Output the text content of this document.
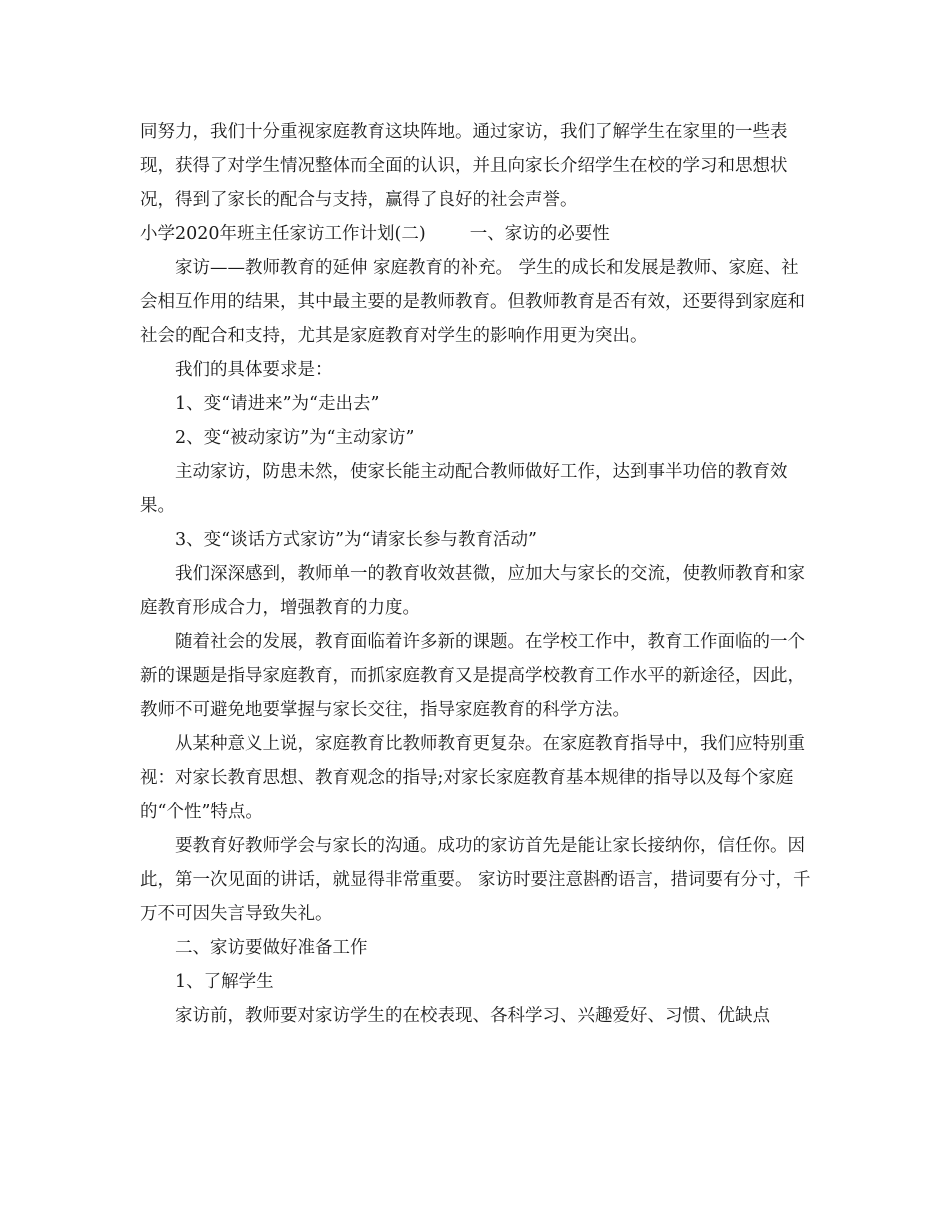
同努力，我们十分重视家庭教育这块阵地。通过家访，我们了解学生在家里的一些表现，获得了对学生情况整体而全面的认识，并且向家长介绍学生在校的学习和思想状况，得到了家长的配合与支持，赢得了良好的社会声誉。

小学2020年班主任家访工作计划(二)	一、家访的必要性

家访——教师教育的延伸 家庭教育的补充。 学生的成长和发展是教师、家庭、社会相互作用的结果，其中最主要的是教师教育。但教师教育是否有效，还要得到家庭和社会的配合和支持，尤其是家庭教育对学生的影响作用更为突出。

我们的具体要求是：

1、变“请进来”为“走出去”

2、变“被动家访”为“主动家访”

主动家访，防患未然，使家长能主动配合教师做好工作，达到事半功倍的教育效果。

3、变“谈话方式家访”为“请家长参与教育活动”

我们深深感到，教师单一的教育收效甚微，应加大与家长的交流，使教师教育和家庭教育形成合力，增强教育的力度。

随着社会的发展，教育面临着许多新的课题。在学校工作中，教育工作面临的一个新的课题是指导家庭教育，而抓家庭教育又是提高学校教育工作水平的新途径，因此，教师不可避免地要掌握与家长交往，指导家庭教育的科学方法。

从某种意义上说，家庭教育比教师教育更复杂。在家庭教育指导中，我们应特别重视：对家长教育思想、教育观念的指导;对家长家庭教育基本规律的指导以及每个家庭的“个性”特点。

要教育好教师学会与家长的沟通。成功的家访首先是能让家长接纳你，信任你。因此，第一次见面的讲话，就显得非常重要。 家访时要注意斟酌语言，措词要有分寸，千万不可因失言导致失礼。

二、家访要做好准备工作

1、了解学生

家访前，教师要对家访学生的在校表现、各科学习、兴趣爱好、习惯、优缺点
